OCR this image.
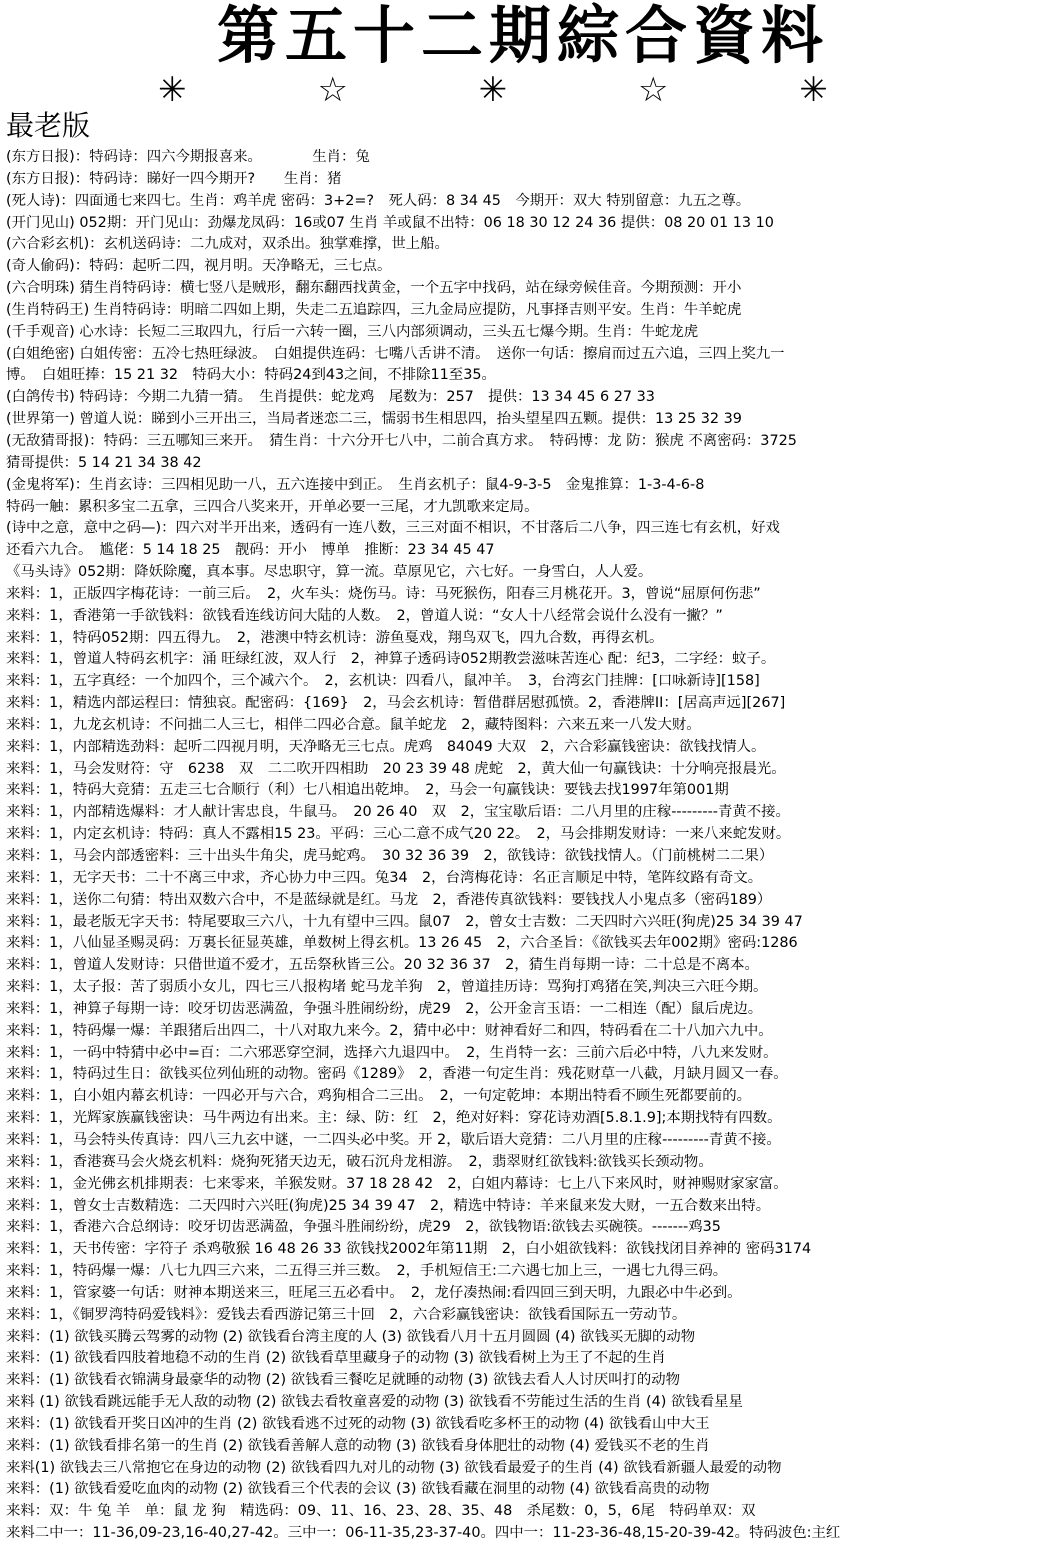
第五十二期綜合資料
✳ ☆ ✳ ☆ ✳
最老版
(东方日报)：特码诗：四六今期报喜来。　　　　生肖：兔
(东方日报)：特码诗：睇好一四今期开?　　生肖：猪
(死人诗)：四面通七来四七。生肖：鸡羊虎 密码：3+2=?　死人码：8 34 45　今期开：双大 特别留意：九五之尊。
(开门见山) 052期：开门见山：劲爆龙凤码：16或07 生肖 羊或鼠不出特：06 18 30 12 24 36 提供：08 20 01 13 10
(六合彩玄机)：玄机送码诗：二九成对，双杀出。独掌难撑，世上船。
(奇人偷码)：特码：起听二四，视月明。天净略无，三七点。
(六合明珠) 猜生肖特码诗：横七竖八是贼形，翻东翻西找黄金，一个五字中找码，站在绿旁候佳音。今期预测：开小
(生肖特码王) 生肖特码诗：明暗二四如上期，失走二五追踪四，三九金局应提防，凡事择吉则平安。生肖：牛羊蛇虎
(千手观音) 心水诗：长短二三取四九，行后一六转一圈，三八内部须调动，三头五七爆今期。生肖：牛蛇龙虎
(白姐绝密) 白姐传密：五冷七热旺绿波。　白姐提供连码：七嘴八舌讲不清。　送你一句话：擦肩而过五六追，三四上奖九一
博。　白姐旺捧：15 21 32　特码大小：特码24到43之间，不排除11至35。
(白鸽传书) 特码诗：今期二九猜一猜。　生肖提供：蛇龙鸡　尾数为：257　提供：13 34 45 6 27 33
(世界第一) 曾道人说：睇到小三开出三，当局者迷恋二三，懦弱书生相思四，抬头望星四五颗。提供：13 25 32 39
(无敌猜哥报)：特码：三五哪知三来开。　猜生肖：十六分开七八中，二前合真方求。　特码博：龙 防：猴虎 不离密码：3725
猜哥提供：5 14 21 34 38 42
(金鬼将军)：生肖玄诗：三四相见助一八，五六连接中到正。　生肖玄机子：鼠4-9-3-5　金鬼推算：1-3-4-6-8
特码一触：累积多宝二五拿，三四合八奖来开，开单必要一三尾，才九凯歌来定局。
(诗中之意，意中之码—)：四六对半开出来，透码有一连八数，三三对面不相识，不甘落后二八争，四三连七有玄机，好戏
还看六九合。　尴佬：5 14 18 25　靓码：开小　博单　推断：23 34 45 47
《马头诗》052期：降妖除魔，真本事。尽忠职守，算一流。草原见它，六七好。一身雪白，人人爱。
来料：1，正版四字梅花诗：一前三后。　2，火车头：烧伤马。诗：马死猴伤，阳春三月桃花开。3，曾说“屈原何伤悲”
来料：1，香港第一手欲钱料：欲钱看连线访问大陆的人数。　2，曾道人说：“女人十八经常会说什么没有一撇？”
来料：1，特码052期：四五得九。　2，港澳中特玄机诗：游鱼戛戏，翔鸟双飞，四九合数，再得玄机。
来料：1，曾道人特码玄机字：涌 旺绿红波，双人行　2，神算子透码诗052期教尝滋味苦连心 配：纪3，二字经：蚊子。
来料：1，五字真经：一个加四个，三个减六个。　2，玄机诀：四看八，鼠冲羊。　3，台湾玄门挂牌：[口咏新诗][158]
来料：1，精选内部运程曰：情独哀。配密码：{169}　2，马会玄机诗：暂借群居慰孤愤。2，香港牌II：[居高声远][267]
来料：1，九龙玄机诗：不问拙二人三七，相伴二四必合意。鼠羊蛇龙　2，藏特图料：六来五来一八发大财。
来料：1，内部精选劲料：起听二四视月明，天净略无三七点。虎鸡　84049 大双　2，六合彩赢钱密诀：欲钱找情人。
来料：1，马会发财符：守　6238　双　二二吹开四相助　20 23 39 48 虎蛇　2，黄大仙一句赢钱诀：十分响亮报晨光。
来料：1，特码大竞猜：五走三七合顺行（利）七八相追出乾坤。　2，马会一句赢钱诀：要钱去找1997年第001期
来料：1，内部精选爆料：才人献计害忠良，牛鼠马。　20 26 40　双　2，宝宝歇后语：二八月里的庄稼---------青黄不接。
来料：1，内定玄机诗：特码：真人不露相15 23。平码：三心二意不成气20 22。　2，马会排期发财诗：一来八来蛇发财。
来料：1，马会内部透密料：三十出头牛角尖，虎马蛇鸡。　30 32 36 39　2，欲钱诗：欲钱找情人。（门前桃树二二果）
来料：1，无字天书：二十不离三中求，齐心协力中三四。兔34　2，台湾梅花诗：名正言顺足中特，笔阵纹路有奇文。
来料：1，送你二句猜：特出双数六合中，不是蓝绿就是红。马龙　2，香港传真欲钱料：要钱找人小鬼点多（密码189）
来料：1，最老版无字天书：特尾要取三六八，十九有望中三四。鼠07　2，曾女士吉数：二天四时六兴旺(狗虎)25 34 39 47
来料：1，八仙显圣赐灵码：万裏长征显英雄，单数树上得玄机。13 26 45　2，六合圣旨：《欲钱买去年002期》密码:1286
来料：1，曾道人发财诗：只借世道不爱才，五岳祭秋皆三公。20 32 36 37　2，猜生肖每期一诗：二十总是不离本。
来料：1，太子报：苦了弱质小女儿，四七三八报构堵 蛇马龙羊狗　2，曾道挂历诗：骂狗打鸡猪在笑,判决三六旺今期。
来料：1，神算子每期一诗：咬牙切齿恶满盈，争强斗胜闹纷纷，虎29　2，公开金言玉语：一二相连（配）鼠后虎边。
来料：1，特码爆一爆：羊跟猪后出四二，十八对取九来今。2，猜中必中：财神看好二和四，特码看在二十八加六九中。
来料：1，一码中特猜中必中=百：二六邪恶穿空洞，选择六九退四中。　2，生肖特一玄：三前六后必中特，八九来发财。
来料：1，特码过生日：欲钱买位列仙班的动物。密码《1289》　2，香港一句定生肖：残花财草一八截，月缺月圆又一春。
来料：1，白小姐内幕玄机诗：一四必开与六合，鸡狗相合二三出。　2，一句定乾坤：本期出特看不顾生死都要前的。
来料：1，光辉家族赢钱密诀：马牛两边有出来。主：绿、防：红　2，绝对好料：穿花诗劝酒[5.8.1.9];本期找特有四数。
来料：1，马会特头传真诗：四八三九玄中谜，一二四头必中奖。开 2，歇后语大竞猜：二八月里的庄稼---------青黄不接。
来料：1，香港赛马会火烧玄机料：烧狗死猪天边无，破石沉舟龙相游。　2，翡翠财红欲钱料:欲钱买长颈动物。
来料：1，金光佛玄机排期表：七来零来，羊猴发财。37 18 28 42　2，白姐内幕诗：七上八下来风时，财神赐财家家富。
来料：1，曾女士吉数精选：二天四时六兴旺(狗虎)25 34 39 47　2，精选中特诗：羊来鼠来发大财，一五合数来出特。
来料：1，香港六合总纲诗：咬牙切齿恶满盈，争强斗胜闹纷纷，虎29　2，欲钱物语:欲钱去买碗筷。-------鸡35
来料：1，天书传密：字符子 杀鸡敬猴 16 48 26 33 欲钱找2002年第11期　2，白小姐欲钱料：欲钱找闭目养神的 密码3174
来料：1，特码爆一爆：八七九四三六来，二五得三并三数。　2，手机短信王:二六遇七加上三，一遇七九得三码。
来料：1，管家婆一句话：财神本期送来三，旺尾三五必看中。　2，龙仔凑热闹:看四回三到天明，九跟必中牛必到。
来料：1，《铜罗湾特码爱钱料》：爱钱去看西游记第三十回　2，六合彩赢钱密诀：欲钱看国际五一劳动节。
来料：(1) 欲钱买腾云驾雾的动物 (2) 欲钱看台湾主度的人 (3) 欲钱看八月十五月圆圆 (4) 欲钱买无脚的动物
来料：(1) 欲钱看四肢着地稳不动的生肖 (2) 欲钱看草里藏身子的动物 (3) 欲钱看树上为王了不起的生肖
来料：(1) 欲钱看衣锦满身最豪华的动物 (2) 欲钱看三餐吃足就睡的动物 (3) 欲钱去看人人讨厌叫打的动物
来料 (1) 欲钱看跳远能手无人敌的动物 (2) 欲钱去看牧童喜爱的动物 (3) 欲钱看不劳能过生活的生肖 (4) 欲钱看星星
来料：(1) 欲钱看开奖日凶冲的生肖 (2) 欲钱看逃不过死的动物 (3) 欲钱看吃多杯王的动物 (4) 欲钱看山中大王
来料：(1) 欲钱看排名第一的生肖 (2) 欲钱看善解人意的动物 (3) 欲钱看身体肥壮的动物 (4) 爱钱买不老的生肖
来料(1) 欲钱去三八常抱它在身边的动物 (2) 欲钱看四九对儿的动物 (3) 欲钱看最爱子的生肖 (4) 欲钱看新疆人最爱的动物
来料：(1) 欲钱看爱吃血肉的动物 (2) 欲钱看三个代表的会议 (3) 欲钱看藏在洞里的动物 (4) 欲钱看高贵的动物
来料：双：牛 兔 羊　单：鼠 龙 狗　精选码：09、11、16、23、28、35、48　杀尾数：0，5，6尾　特码单双：双
来料二中一：11-36,09-23,16-40,27-42。三中一：06-11-35,23-37-40。四中一：11-23-36-48,15-20-39-42。特码波色:主红
